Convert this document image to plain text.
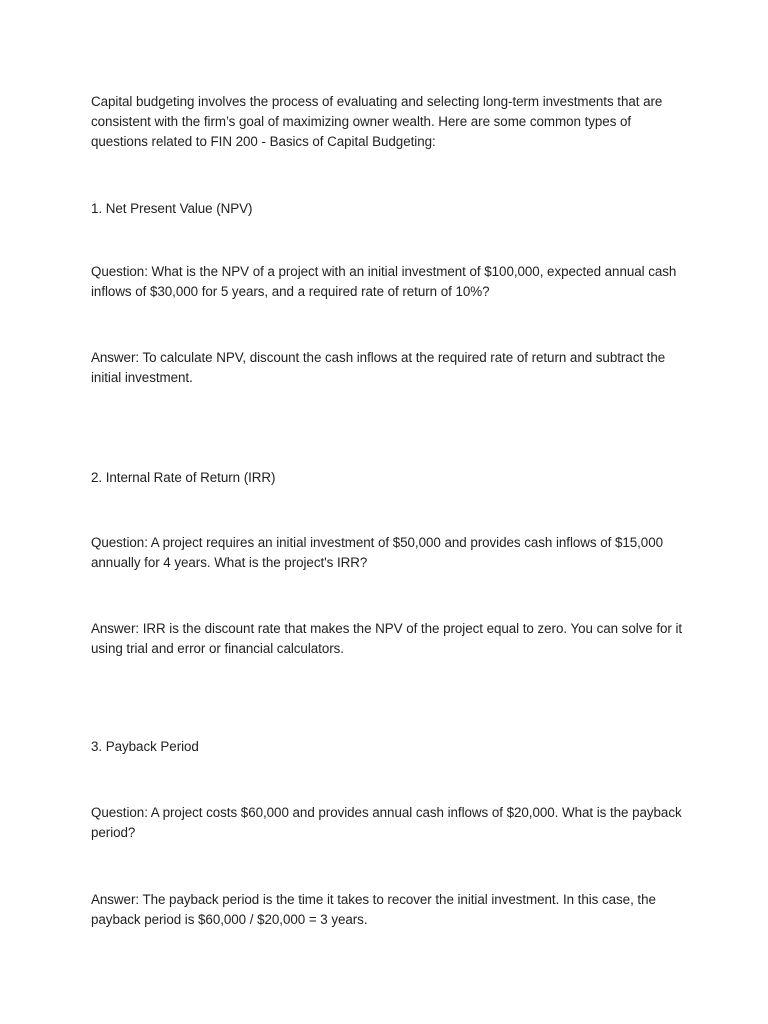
Capital budgeting involves the process of evaluating and selecting long-term investments that are consistent with the firm’s goal of maximizing owner wealth. Here are some common types of questions related to FIN 200 - Basics of Capital Budgeting:

1. Net Present Value (NPV)

Question: What is the NPV of a project with an initial investment of $100,000, expected annual cash inflows of $30,000 for 5 years, and a required rate of return of 10%?

Answer: To calculate NPV, discount the cash inflows at the required rate of return and subtract the initial investment.

2. Internal Rate of Return (IRR)

Question: A project requires an initial investment of $50,000 and provides cash inflows of $15,000 annually for 4 years. What is the project's IRR?

Answer: IRR is the discount rate that makes the NPV of the project equal to zero. You can solve for it using trial and error or financial calculators.

3. Payback Period

Question: A project costs $60,000 and provides annual cash inflows of $20,000. What is the payback period?

Answer: The payback period is the time it takes to recover the initial investment. In this case, the payback period is $60,000 / $20,000 = 3 years.
